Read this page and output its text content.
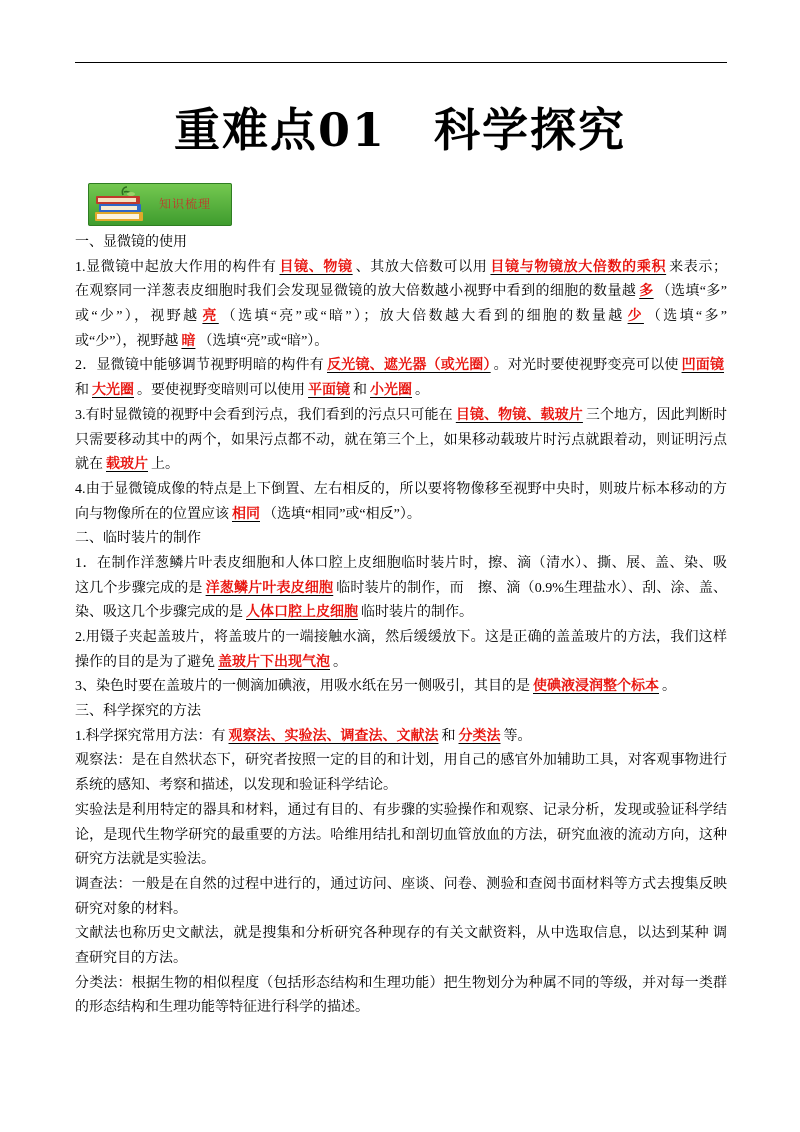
重难点01　科学探究
知识梳理
一、显微镜的使用
1.显微镜中起放大作用的构件有 目镜、物镜 、其放大倍数可以用 目镜与物镜放大倍数的乘积 来表示；
在观察同一洋葱表皮细胞时我们会发现显微镜的放大倍数越小视野中看到的细胞的数量越 多 （选填“多”
或“少”），视野越 亮 （选填“亮”或“暗”）；放大倍数越大看到的细胞的数量越 少 （选填“多”
或“少”），视野越 暗 （选填“亮”或“暗”）。
2．显微镜中能够调节视野明暗的构件有 反光镜、遮光器（或光圈） 。对光时要使视野变亮可以使 凹面镜
和 大光圈 。要使视野变暗则可以使用 平面镜 和 小光圈 。
3.有时显微镜的视野中会看到污点，我们看到的污点只可能在 目镜、物镜、载玻片 三个地方，因此判断时
只需要移动其中的两个，如果污点都不动，就在第三个上，如果移动载玻片时污点就跟着动，则证明污点
就在 载玻片 上。
4.由于显微镜成像的特点是上下倒置、左右相反的，所以要将物像移至视野中央时，则玻片标本移动的方
向与物像所在的位置应该 相同 （选填“相同”或“相反”）。
二、临时装片的制作
1．在制作洋葱鳞片叶表皮细胞和人体口腔上皮细胞临时装片时，擦、滴（清水）、撕、展、盖、染、吸
这几个步骤完成的是 洋葱鳞片叶表皮细胞 临时装片的制作，而　擦、滴（0.9%生理盐水）、刮、涂、盖、
染、吸这几个步骤完成的是 人体口腔上皮细胞 临时装片的制作。
2.用镊子夹起盖玻片，将盖玻片的一端接触水滴，然后缓缓放下。这是正确的盖盖玻片的方法，我们这样
操作的目的是为了避免 盖玻片下出现气泡 。
3、染色时要在盖玻片的一侧滴加碘液，用吸水纸在另一侧吸引，其目的是 使碘液浸润整个标本 。
三、科学探究的方法
1.科学探究常用方法：有 观察法、实验法、调查法、文献法 和 分类法 等。
观察法：是在自然状态下，研究者按照一定的目的和计划，用自己的感官外加辅助工具，对客观事物进行
系统的感知、考察和描述，以发现和验证科学结论。
实验法是利用特定的器具和材料，通过有目的、有步骤的实验操作和观察、记录分析，发现或验证科学结
论，是现代生物学研究的最重要的方法。哈维用结扎和剖切血管放血的方法，研究血液的流动方向，这种
研究方法就是实验法。
调查法：一般是在自然的过程中进行的，通过访问、座谈、问卷、测验和查阅书面材料等方式去搜集反映
研究对象的材料。
文献法也称历史文献法，就是搜集和分析研究各种现存的有关文献资料，从中选取信息，以达到某种 调
查研究目的方法。
分类法：根据生物的相似程度（包括形态结构和生理功能）把生物划分为种属不同的等级，并对每一类群
的形态结构和生理功能等特征进行科学的描述。
